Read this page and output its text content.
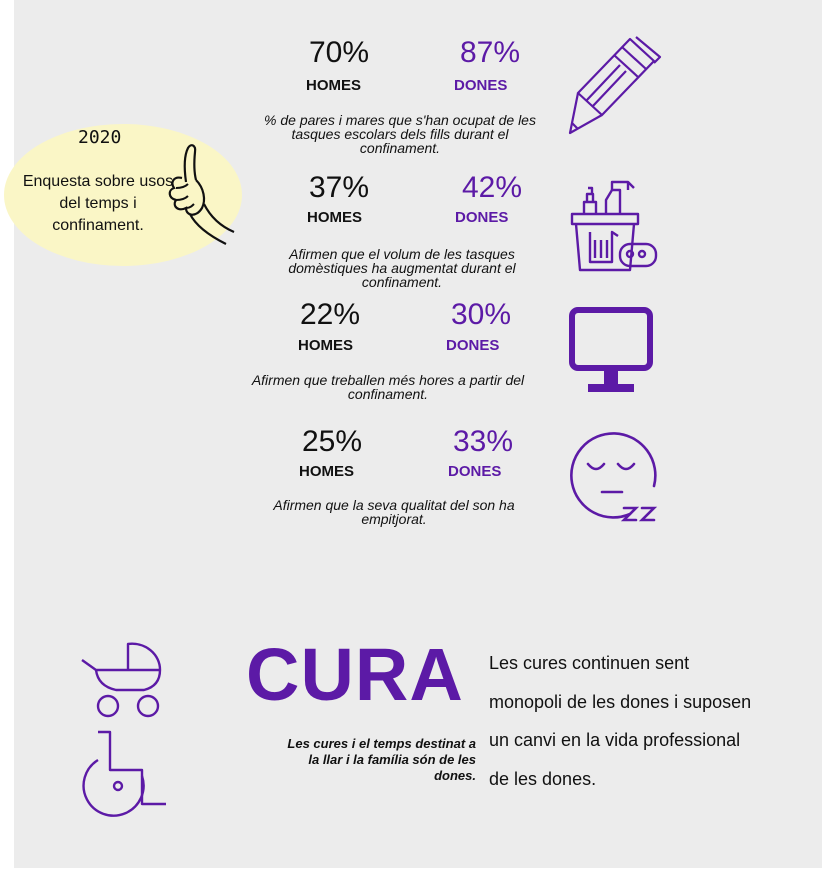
2020
Enquesta sobre usos del temps i confinament.
70%	87%
HOMES	DONES
% de pares i mares que s'han ocupat de les tasques escolars dels fills durant el confinament.
37%	42%
HOMES	DONES
Afirmen que el volum de les tasques domèstiques ha augmentat durant el confinament.
22%	30%
HOMES	DONES
Afirmen que treballen més hores a partir del confinament.
25%	33%
HOMES	DONES
Afirmen que la seva qualitat del son ha empitjorat.
CURA
Les cures i el temps destinat a la llar i la família són de les dones.
Les cures continuen sent monopoli de les dones i suposen un canvi en la vida professional de les dones.
